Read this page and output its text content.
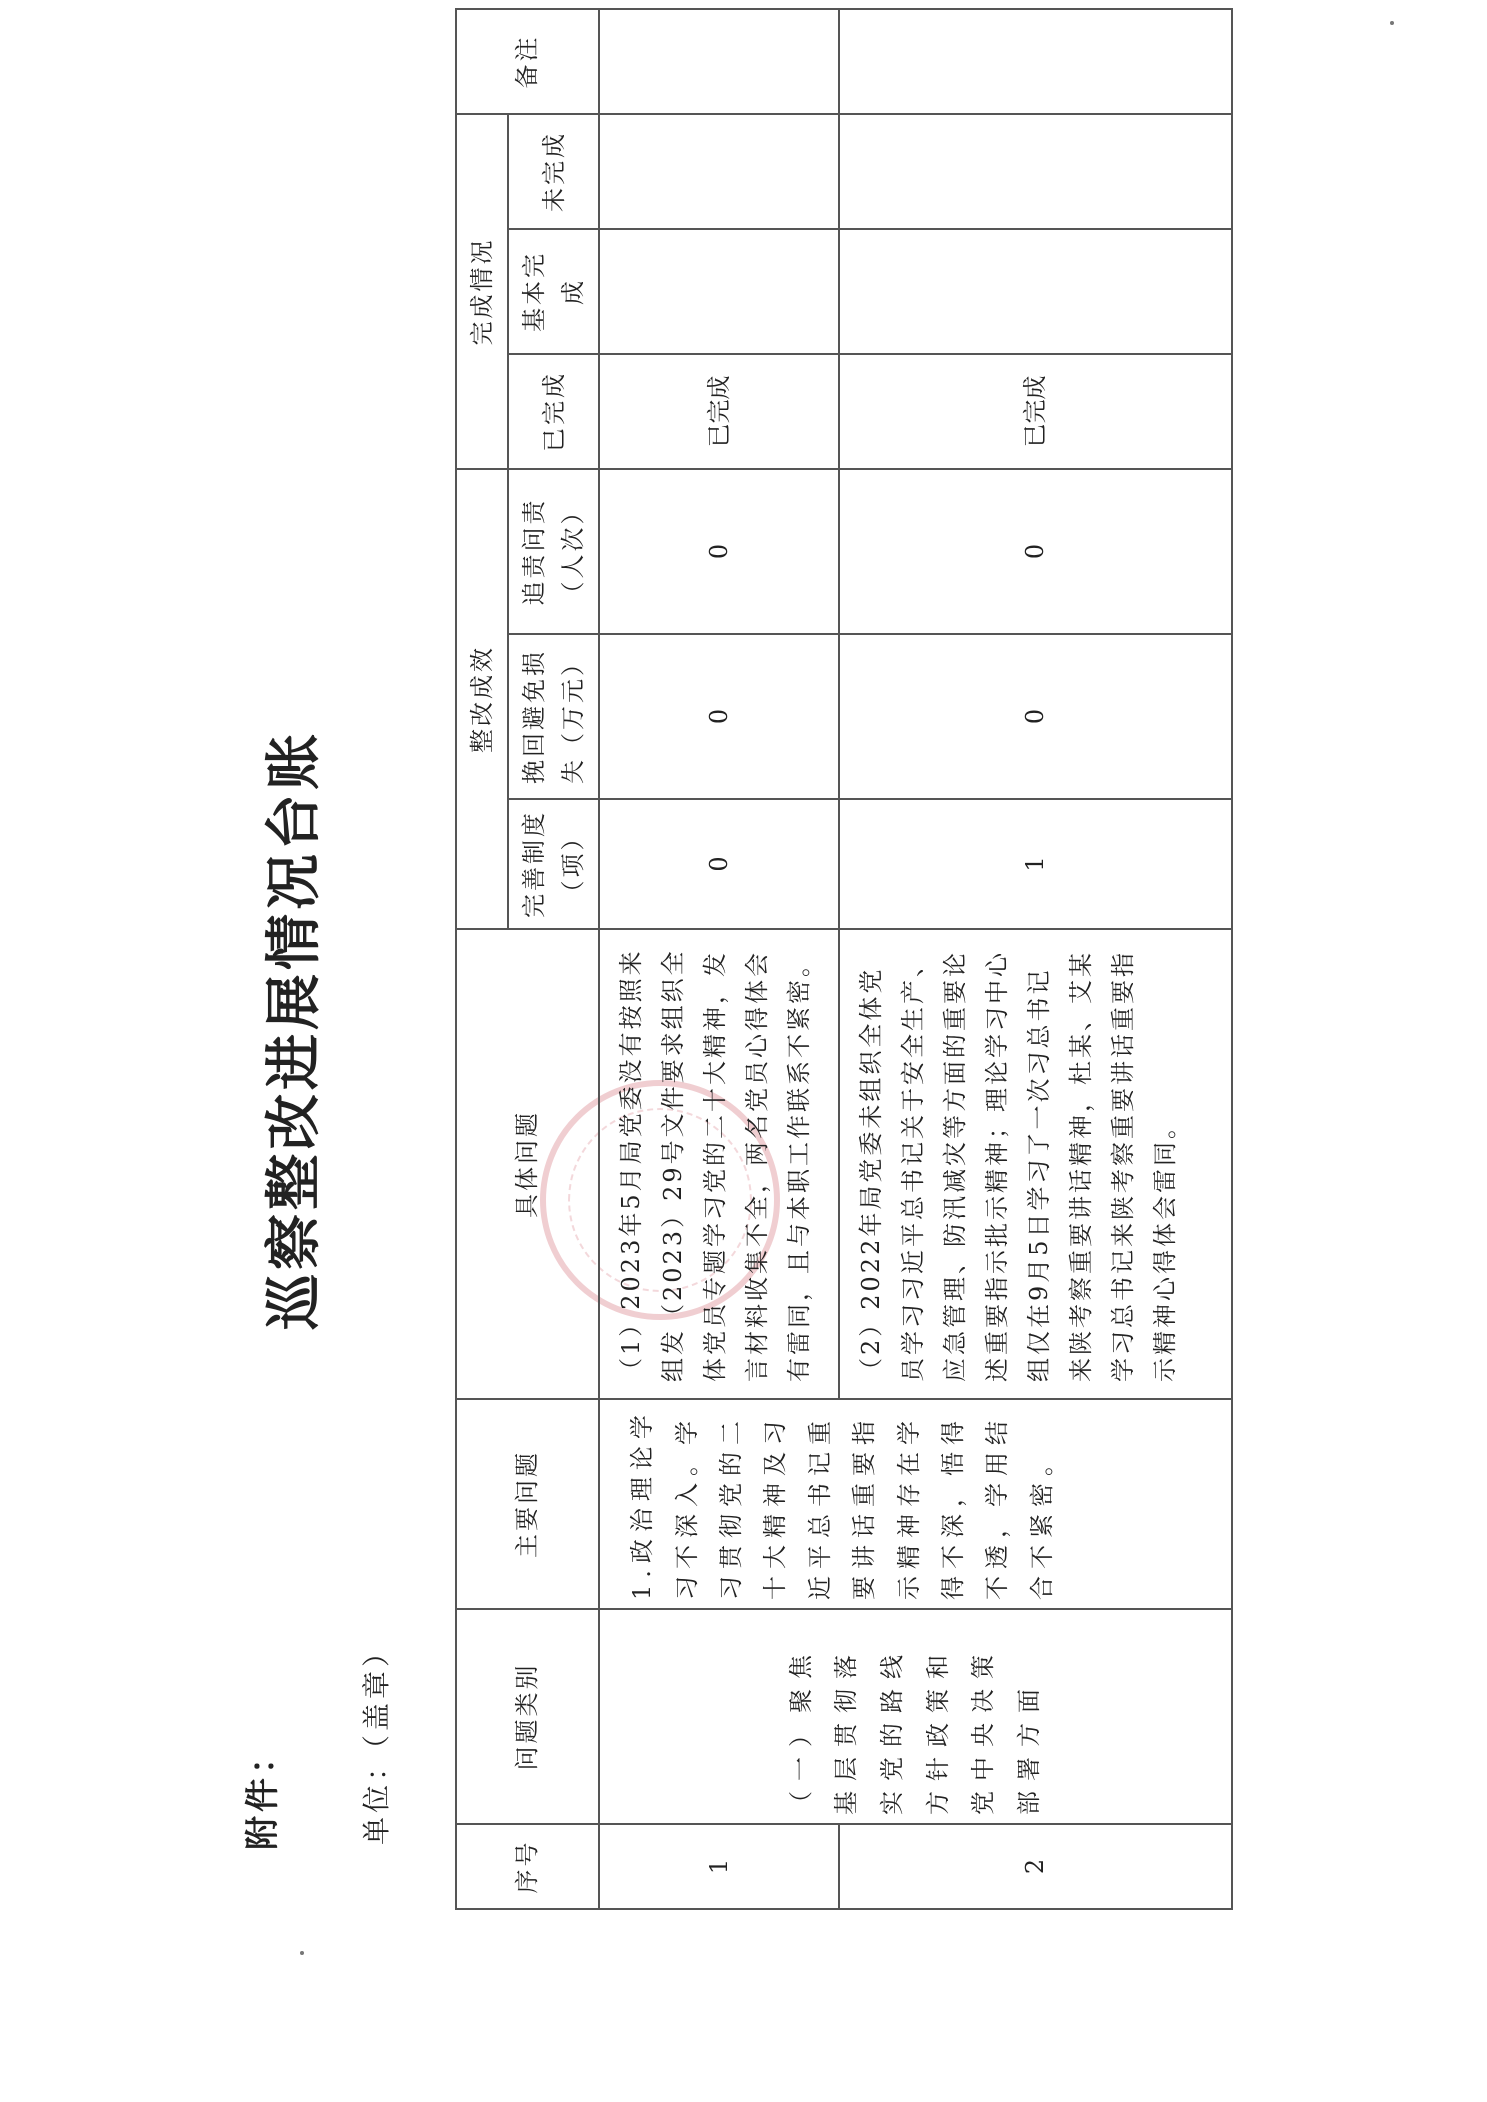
附件：	单位：（盖章）
巡察整改进展情况台账
序号	问题类别	主要问题	具体问题	整改成效			完成情况			备注
				完善制度（项）	挽回避免损失（万元）	追责问责（人次）	已完成	基本完成	未完成	
1	（一）聚焦基层贯彻落实党的路线方针政策和党中央决策部署方面	1.政治理论学习不深入。学习贯彻党的二十大精神及习近平总书记重要讲话重要指示精神存在学得不深，悟得不透，学用结合不紧密。	（1）2023年5月局党委没有按照来组发（2023）29号文件要求组织全体党员专题学习党的二十大精神，发言材料收集不全，两名党员心得体会有雷同，且与本职工作联系不紧密。	0	0	0	已完成			
2			（2）2022年局党委未组织全体党员学习习近平总书记关于安全生产、应急管理、防汛减灾等方面的重要论述重要指示批示精神；理论学习中心组仅在9月5日学习了一次习总书记来陕考察重要讲话精神，杜某、艾某学习总书记来陕考察重要讲话重要指示精神心得体会雷同。	1	0	0	已完成			
